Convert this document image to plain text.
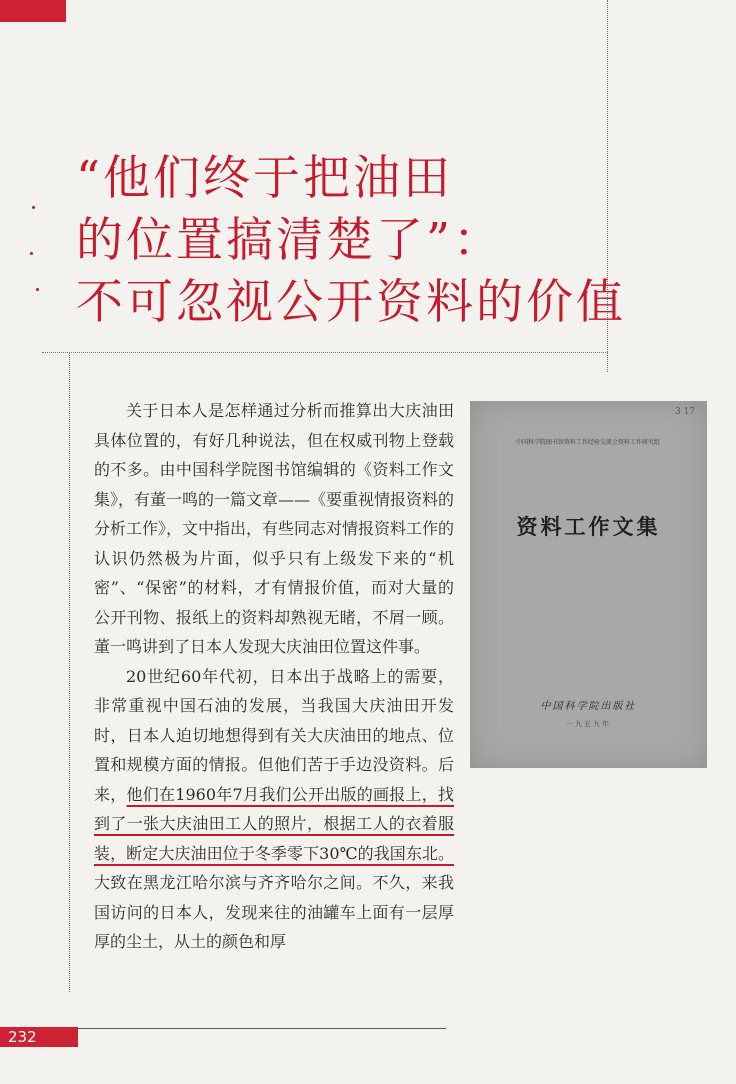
“他们终于把油田
的位置搞清楚了”：
不可忽视公开资料的价值

关于日本人是怎样通过分析而推算出大庆油田具体位置的，有好几种说法，但在权威刊物上登载的不多。由中国科学院图书馆编辑的《资料工作文集》，有董一鸣的一篇文章——《要重视情报资料的分析工作》，文中指出，有些同志对情报资料工作的认识仍然极为片面，似乎只有上级发下来的“机密”、“保密”的材料，才有情报价值，而对大量的公开刊物、报纸上的资料却熟视无睹，不屑一顾。董一鸣讲到了日本人发现大庆油田位置这件事。

20世纪60年代初，日本出于战略上的需要，非常重视中国石油的发展，当我国大庆油田开发时，日本人迫切地想得到有关大庆油田的地点、位置和规模方面的情报。但他们苦于手边没资料。后来，他们在1960年7月我们公开出版的画报上，找到了一张大庆油田工人的照片，根据工人的衣着服装，断定大庆油田位于冬季零下30℃的我国东北。大致在黑龙江哈尔滨与齐齐哈尔之间。不久，来我国访问的日本人，发现来往的油罐车上面有一层厚厚的尘土，从土的颜色和厚

3 17
中国科学院图书馆资料工作经验交流会资料工作研究组
资料工作文集
中国科学院出版社
一九五九年
232
